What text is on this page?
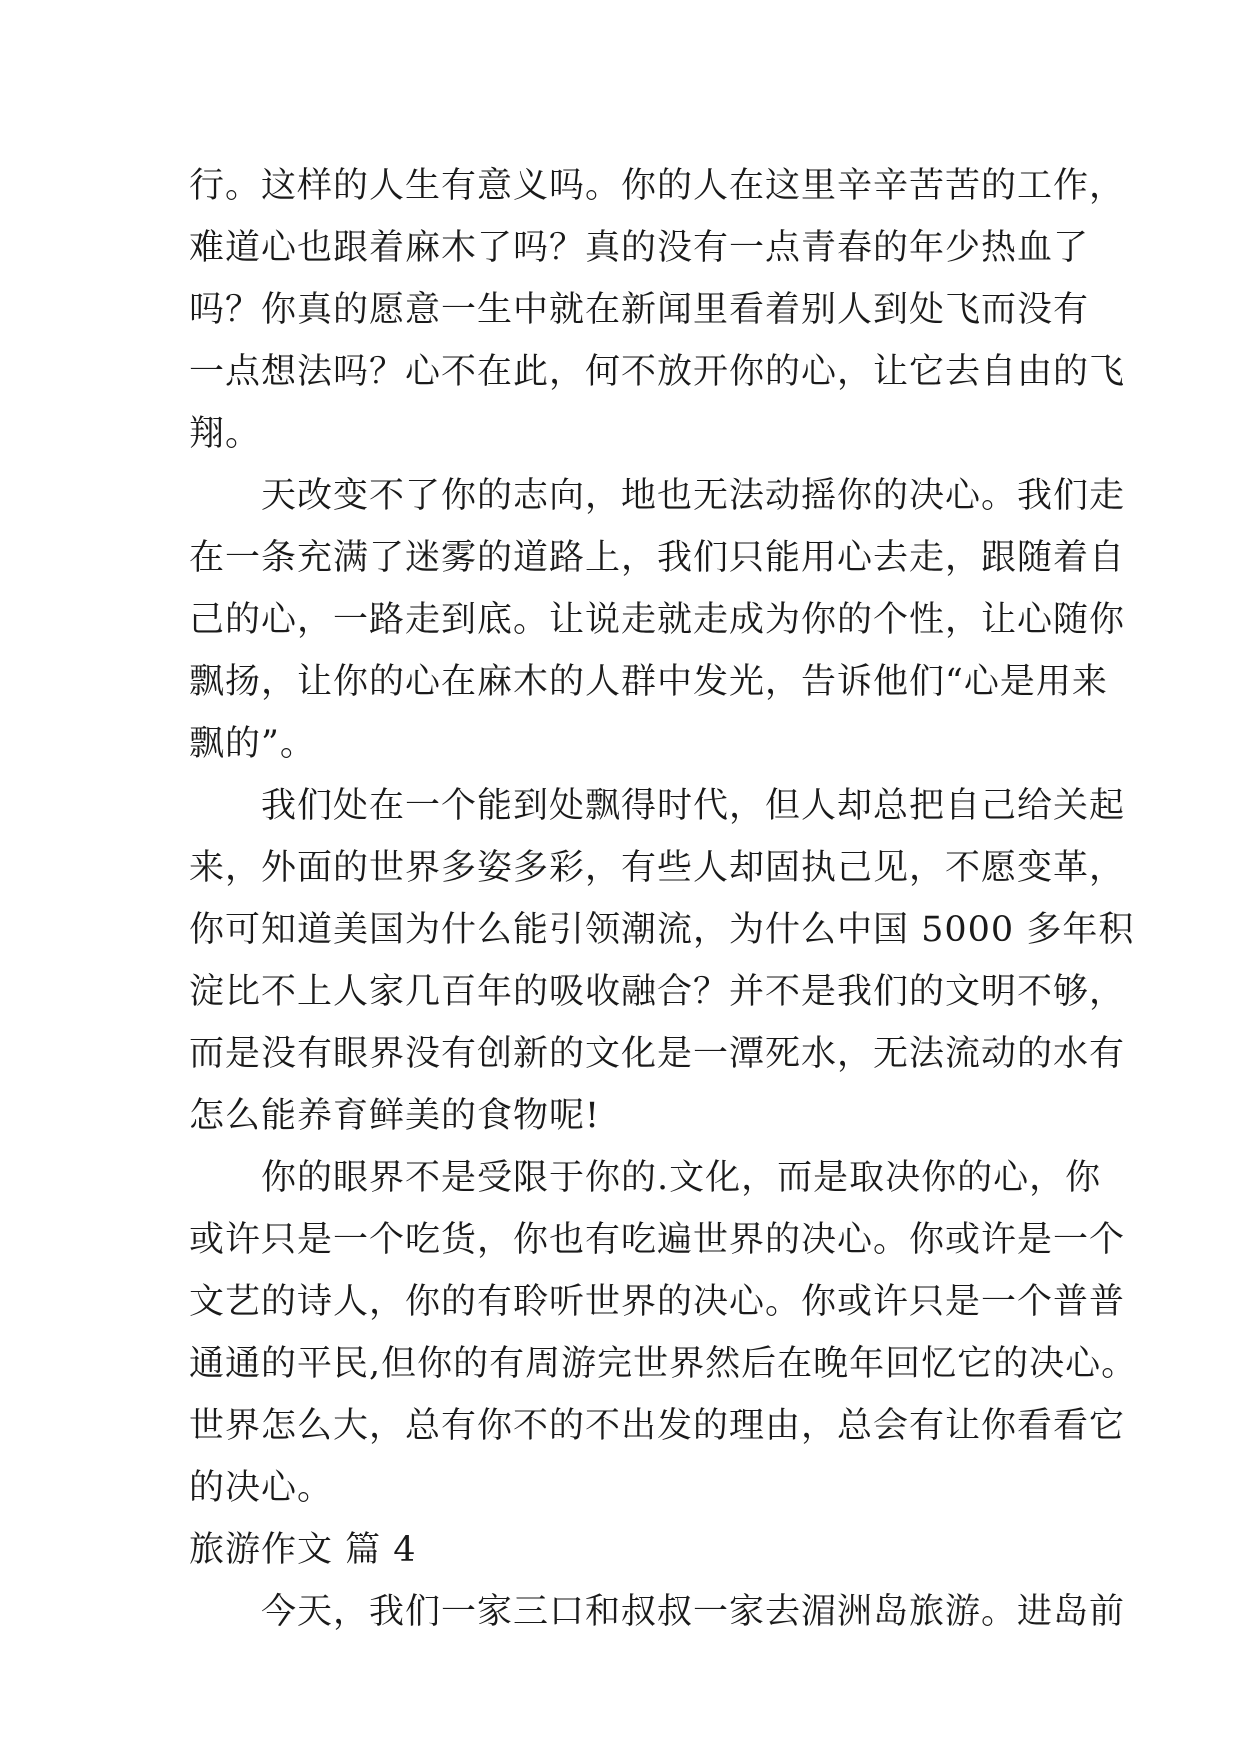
行。这样的人生有意义吗。你的人在这里辛辛苦苦的工作，
难道心也跟着麻木了吗？真的没有一点青春的年少热血了
吗？你真的愿意一生中就在新闻里看着别人到处飞而没有
一点想法吗？心不在此，何不放开你的心，让它去自由的飞
翔。
　　天改变不了你的志向，地也无法动摇你的决心。我们走
在一条充满了迷雾的道路上，我们只能用心去走，跟随着自
己的心，一路走到底。让说走就走成为你的个性，让心随你
飘扬，让你的心在麻木的人群中发光，告诉他们“心是用来
飘的”。
　　我们处在一个能到处飘得时代，但人却总把自己给关起
来，外面的世界多姿多彩，有些人却固执己见，不愿变革，
你可知道美国为什么能引领潮流，为什么中国 5000 多年积
淀比不上人家几百年的吸收融合？并不是我们的文明不够，
而是没有眼界没有创新的文化是一潭死水，无法流动的水有
怎么能养育鲜美的食物呢!
　　你的眼界不是受限于你的.文化，而是取决你的心，你
或许只是一个吃货，你也有吃遍世界的决心。你或许是一个
文艺的诗人，你的有聆听世界的决心。你或许只是一个普普
通通的平民,但你的有周游完世界然后在晚年回忆它的决心。
世界怎么大，总有你不的不出发的理由，总会有让你看看它
的决心。
旅游作文 篇 4
　　今天，我们一家三口和叔叔一家去湄洲岛旅游。进岛前
